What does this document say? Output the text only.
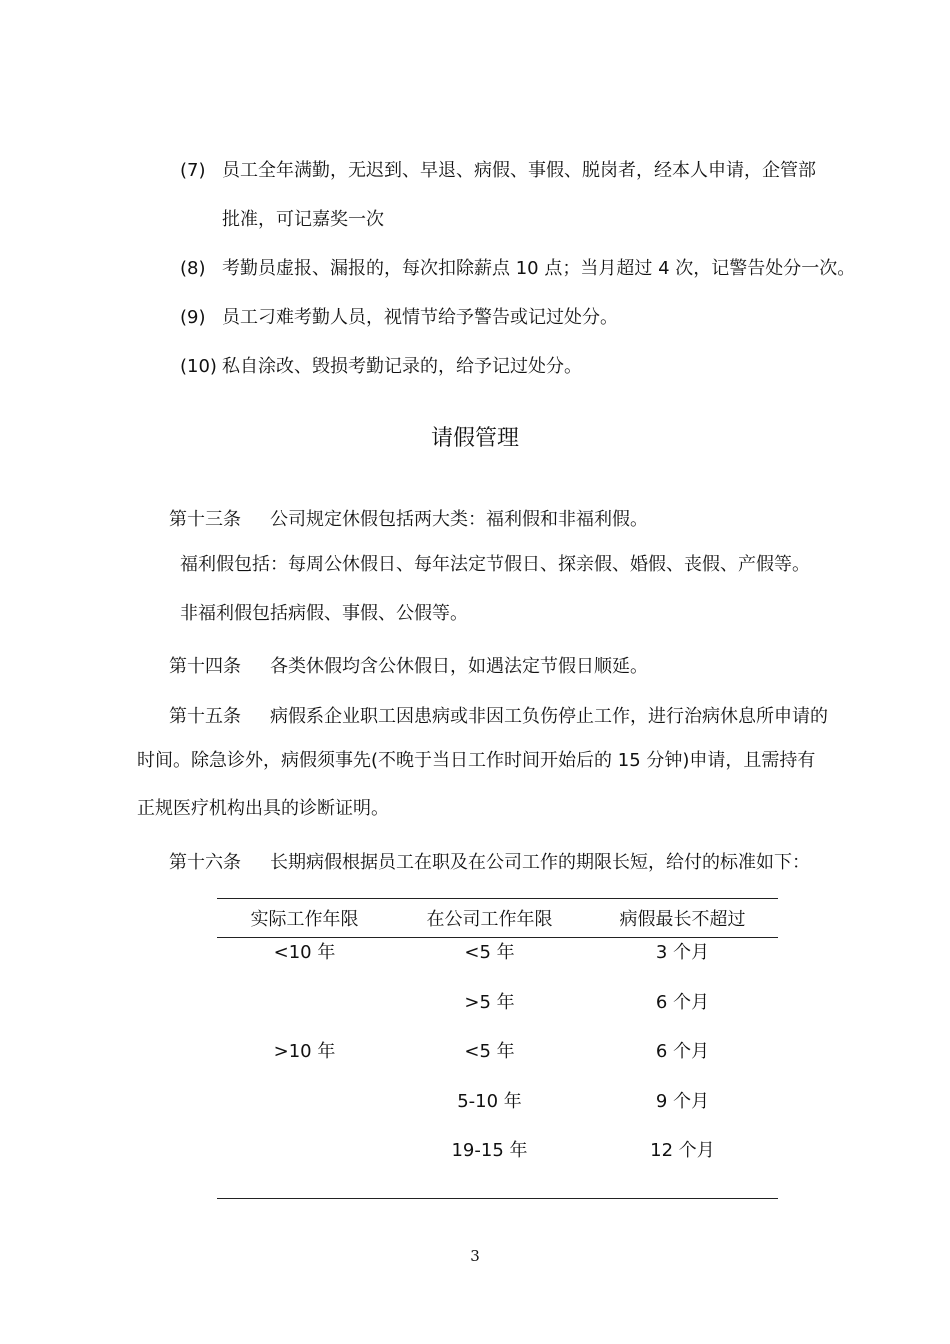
(7) 员工全年满勤，无迟到、早退、病假、事假、脱岗者，经本人申请，企管部
批准，可记嘉奖一次
(8) 考勤员虚报、漏报的，每次扣除薪点 10 点；当月超过 4 次，记警告处分一次。
(9) 员工刁难考勤人员，视情节给予警告或记过处分。
(10) 私自涂改、毁损考勤记录的，给予记过处分。
请假管理
第十三条 公司规定休假包括两大类：福利假和非福利假。
福利假包括：每周公休假日、每年法定节假日、探亲假、婚假、丧假、产假等。
非福利假包括病假、事假、公假等。
第十四条 各类休假均含公休假日，如遇法定节假日顺延。
第十五条 病假系企业职工因患病或非因工负伤停止工作，进行治病休息所申请的
时间。除急诊外，病假须事先(不晚于当日工作时间开始后的 15 分钟)申请，且需持有
正规医疗机构出具的诊断证明。
第十六条 长期病假根据员工在职及在公司工作的期限长短，给付的标准如下：
实际工作年限	在公司工作年限	病假最长不超过
<10 年	<5 年	3 个月
	>5 年	6 个月
>10 年	<5 年	6 个月
	5-10 年	9 个月
	19-15 年	12 个月
3
